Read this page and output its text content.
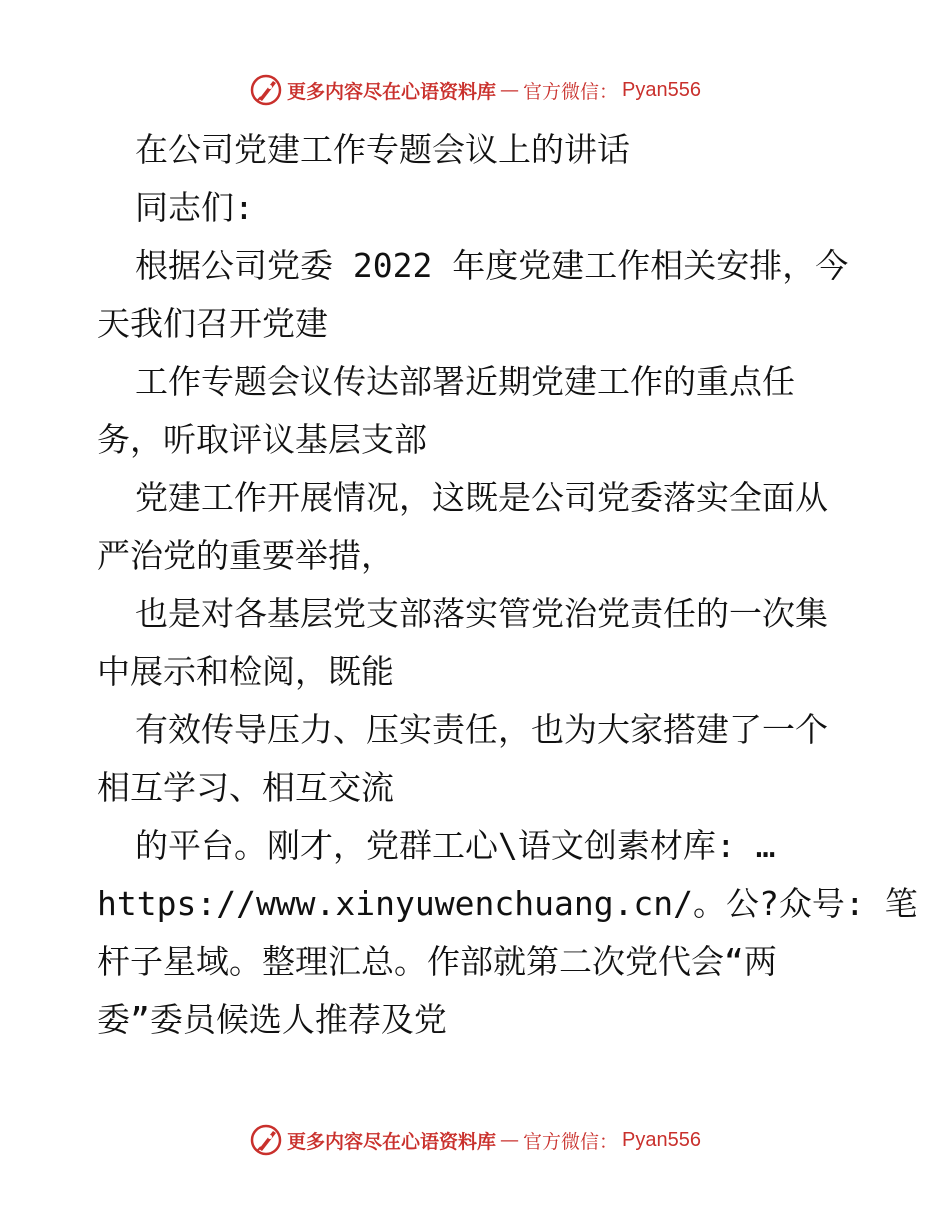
更多内容尽在心语资料库 — 官方微信： Pyan556
在公司党建工作专题会议上的讲话
同志们:
根据公司党委 2022 年度党建工作相关安排，今
天我们召开党建
工作专题会议传达部署近期党建工作的重点任
务，听取评议基层支部
党建工作开展情况，这既是公司党委落实全面从
严治党的重要举措，
也是对各基层党支部落实管党治党责任的一次集
中展示和检阅，既能
有效传导压力、压实责任，也为大家搭建了一个
相互学习、相互交流
的平台。刚才，党群工心\语文创素材库: …
https://www.xinyuwenchuang.cn/。公?众号: 笔
杆子星域。整理汇总。作部就第二次党代会“两
委”委员候选人推荐及党
更多内容尽在心语资料库 — 官方微信： Pyan556
